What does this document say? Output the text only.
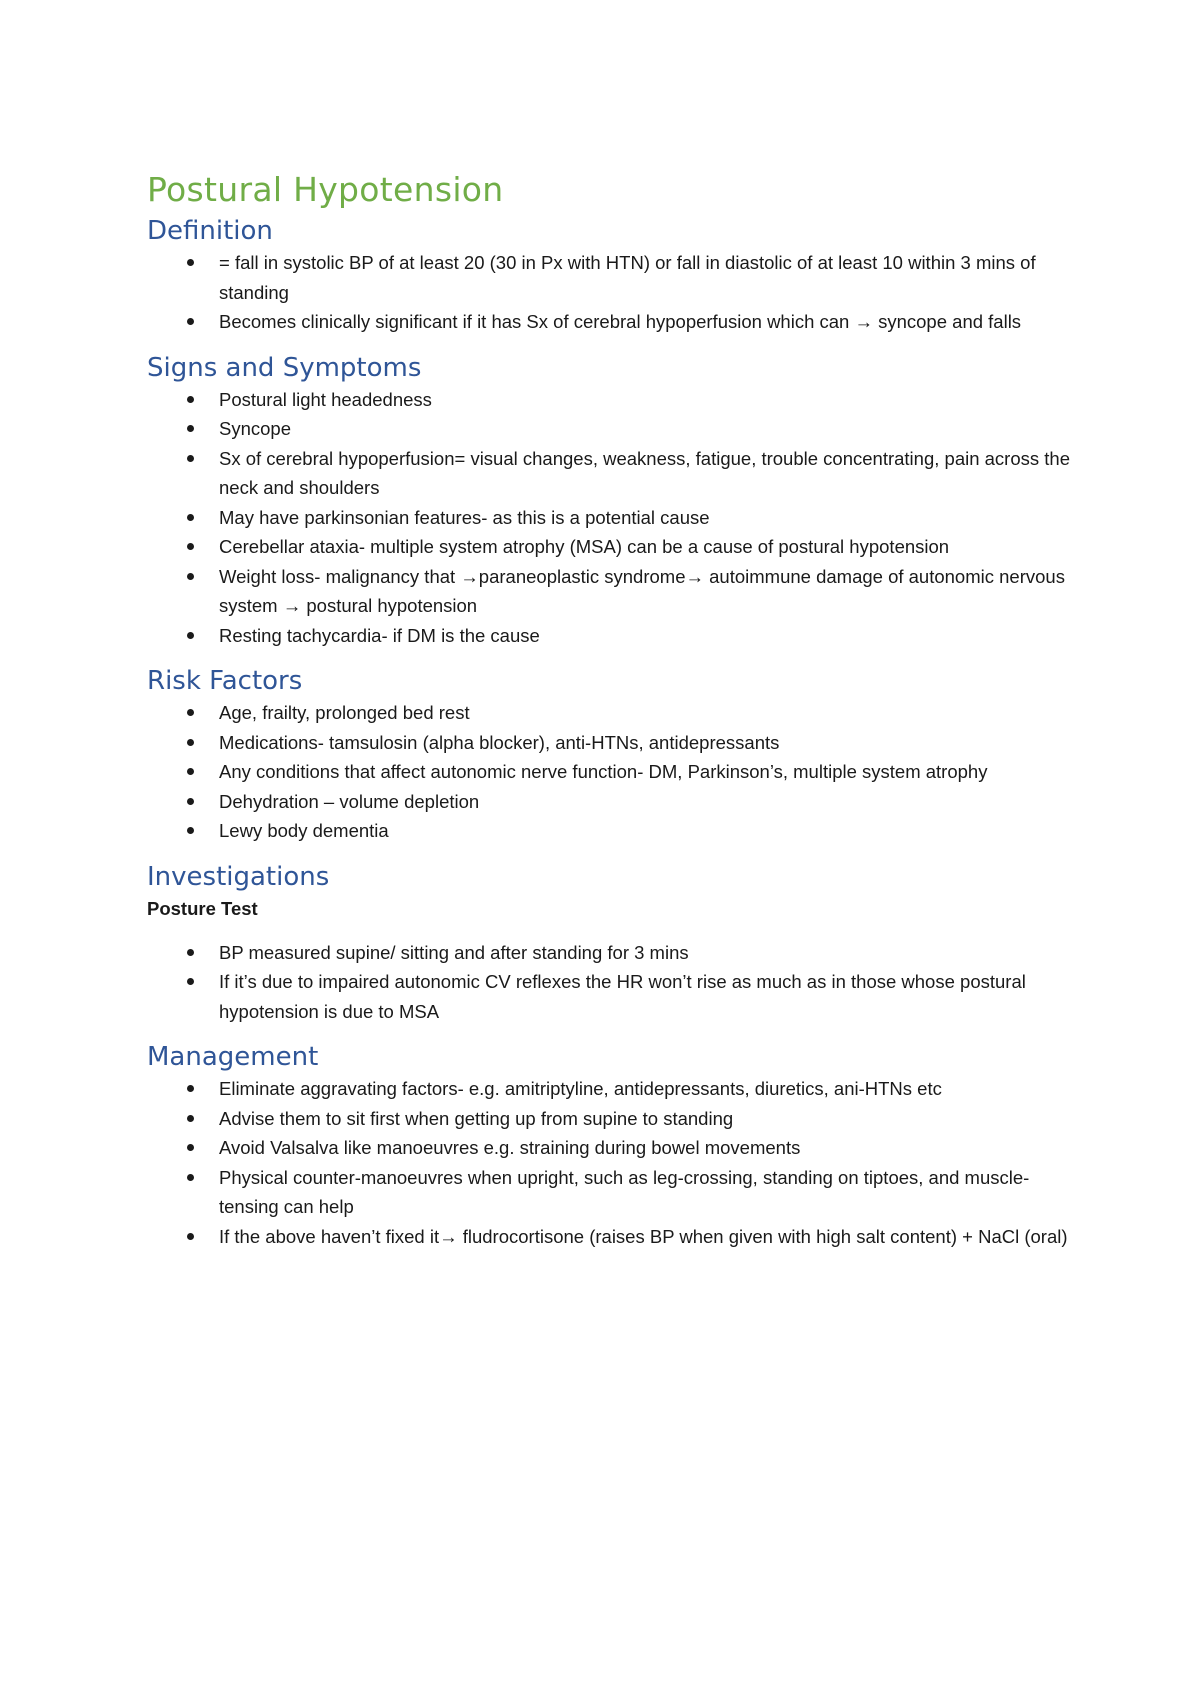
Postural Hypotension
Definition
= fall in systolic BP of at least 20 (30 in Px with HTN) or fall in diastolic of at least 10 within 3 mins of standing
Becomes clinically significant if it has Sx of cerebral hypoperfusion which can → syncope and falls
Signs and Symptoms
Postural light headedness
Syncope
Sx of cerebral hypoperfusion= visual changes, weakness, fatigue, trouble concentrating, pain across the neck and shoulders
May have parkinsonian features- as this is a potential cause
Cerebellar ataxia- multiple system atrophy (MSA) can be a cause of postural hypotension
Weight loss- malignancy that →paraneoplastic syndrome→ autoimmune damage of autonomic nervous system → postural hypotension
Resting tachycardia- if DM is the cause
Risk Factors
Age, frailty, prolonged bed rest
Medications- tamsulosin (alpha blocker), anti-HTNs, antidepressants
Any conditions that affect autonomic nerve function- DM, Parkinson’s, multiple system atrophy
Dehydration – volume depletion
Lewy body dementia
Investigations
Posture Test
BP measured supine/ sitting and after standing for 3 mins
If it’s due to impaired autonomic CV reflexes the HR won’t rise as much as in those whose postural hypotension is due to MSA
Management
Eliminate aggravating factors- e.g. amitriptyline, antidepressants, diuretics, ani-HTNs etc
Advise them to sit first when getting up from supine to standing
Avoid Valsalva like manoeuvres e.g. straining during bowel movements
Physical counter-manoeuvres when upright, such as leg-crossing, standing on tiptoes, and muscle-tensing can help
If the above haven’t fixed it→ fludrocortisone (raises BP when given with high salt content) + NaCl (oral)
